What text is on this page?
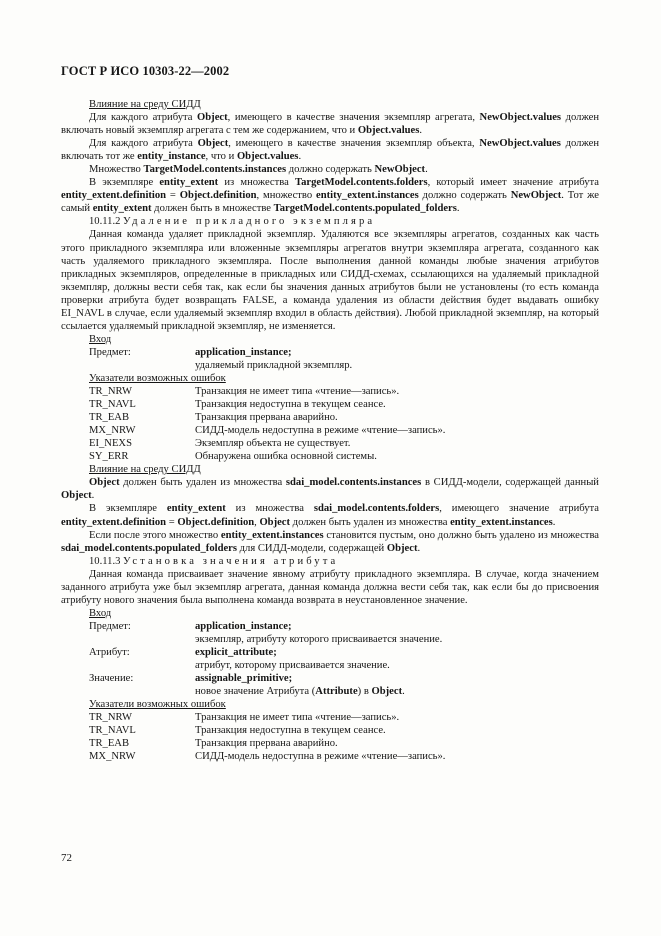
ГОСТ Р ИСО 10303-22—2002

Влияние на среду СИДД

Для каждого атрибута Object, имеющего в качестве значения экземпляр агрегата, NewObject.values должен включать новый экземпляр агрегата с тем же содержанием, что и Object.values.

Для каждого атрибута Object, имеющего в качестве значения экземпляр объекта, NewObject.values должен включать тот же entity_instance, что и Object.values.

Множество TargetModel.contents.instances должно содержать NewObject.

В экземпляре entity_extent из множества TargetModel.contents.folders, который имеет значение атрибута entity_extent.definition = Object.definition, множество entity_extent.instances должно содержать NewObject. Тот же самый entity_extent должен быть в множестве TargetModel.contents.populated_folders.

10.11.2 Удаление прикладного экземпляра

Данная команда удаляет прикладной экземпляр. Удаляются все экземпляры агрегатов, созданных как часть этого прикладного экземпляра или вложенные экземпляры агрегатов внутри экземпляра агрегата, созданного как часть удаляемого прикладного экземпляра. После выполнения данной команды любые значения атрибутов прикладных экземпляров, определенные в прикладных или СИДД-схемах, ссылающихся на удаляемый прикладной экземпляр, должны вести себя так, как если бы значения данных атрибутов были не установлены (то есть команда проверки атрибута будет возвращать FALSE, а команда удаления из области действия будет выдавать ошибку EI_NAVL в случае, если удаляемый экземпляр входил в область действия). Любой прикладной экземпляр, на который ссылается удаляемый прикладной экземпляр, не изменяется.

Вход

Предмет:	application_instance;
удаляемый прикладной экземпляр.

Указатели возможных ошибок

TR_NRW	Транзакция не имеет типа «чтение—запись».
TR_NAVL	Транзакция недоступна в текущем сеансе.
TR_EAB	Транзакция прервана аварийно.
MX_NRW	СИДД-модель недоступна в режиме «чтение—запись».
EI_NEXS	Экземпляр объекта не существует.
SY_ERR	Обнаружена ошибка основной системы.

Влияние на среду СИДД

Object должен быть удален из множества sdai_model.contents.instances в СИДД-модели, содержащей данный Object.

В экземпляре entity_extent из множества sdai_model.contents.folders, имеющего значение атрибута entity_extent.definition = Object.definition, Object должен быть удален из множества entity_extent.instances.

Если после этого множество entity_extent.instances становится пустым, оно должно быть удалено из множества sdai_model.contents.populated_folders для СИДД-модели, содержащей Object.

10.11.3 Установка значения атрибута

Данная команда присваивает значение явному атрибуту прикладного экземпляра. В случае, когда значением заданного атрибута уже был экземпляр агрегата, данная команда должна вести себя так, как если бы до присвоения атрибуту нового значения была выполнена команда возврата в неустановленное значение.

Вход

Предмет:	application_instance;
экземпляр, атрибуту которого присваивается значение.
Атрибут:	explicit_attribute;
атрибут, которому присваивается значение.
Значение:	assignable_primitive;
новое значение Атрибута (Attribute) в Object.

Указатели возможных ошибок

TR_NRW	Транзакция не имеет типа «чтение—запись».
TR_NAVL	Транзакция недоступна в текущем сеансе.
TR_EAB	Транзакция прервана аварийно.
MX_NRW	СИДД-модель недоступна в режиме «чтение—запись».
72
